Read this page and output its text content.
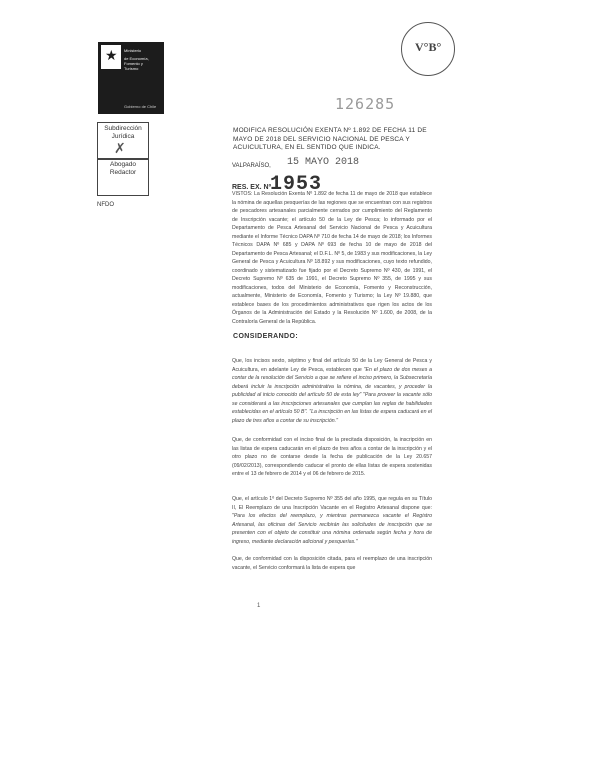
★ Ministerio
de Economía,
Fomento y
Turismo
Gobierno de Chile
V°B°
126285
Subdirección
Jurídica
✗
Abogado
Redactor
NFDO
MODIFICA RESOLUCIÓN EXENTA Nº 1.892 DE FECHA 11 DE MAYO DE 2018 DEL SERVICIO NACIONAL DE PESCA Y ACUICULTURA, EN EL SENTIDO QUE INDICA.
VALPARAÍSO, 15 MAYO 2018
RES. EX. Nº
1953
VISTOS: La Resolución Exenta Nº 1.892 de fecha 11 de mayo de 2018 que establece la nómina de aquellas pesquerías de las regiones que se encuentran con sus registros de pescadores artesanales parcialmente cerrados por cumplimiento del Reglamento de Inscripción vacante; el artículo 50 de la Ley de Pesca; lo informado por el Departamento de Pesca Artesanal del Servicio Nacional de Pesca y Acuicultura mediante el Informe Técnico DAPA Nº 710 de fecha 14 de mayo de 2018; los Informes Técnicos DAPA Nº 685 y DAPA Nº 693 de fecha 10 de mayo de 2018 del Departamento de Pesca Artesanal; el D.F.L. Nº 5, de 1983 y sus modificaciones, la Ley General de Pesca y Acuicultura Nº 18.892 y sus modificaciones, cuyo texto refundido, coordinado y sistematizado fue fijado por el Decreto Supremo Nº 430, de 1991, el Decreto Supremo Nº 635 de 1991, el Decreto Supremo Nº 355, de 1995 y sus modificaciones, todos del Ministerio de Economía, Fomento y Reconstrucción, actualmente, Ministerio de Economía, Fomento y Turismo; la Ley Nº 19.880, que establece bases de los procedimientos administrativos que rigen los actos de los Órganos de la Administración del Estado y la Resolución Nº 1.600, de 2008, de la Contraloría General de la República.
CONSIDERANDO:
Que, los incisos sexto, séptimo y final del artículo 50 de la Ley General de Pesca y Acuicultura, en adelante Ley de Pesca, establecen que "En el plazo de dos meses a contar de la resolución del Servicio a que se refiere el inciso primero, la Subsecretaría deberá incluir la inscripción administrativa la nómina, de vacantes, y proceder la publicidad al inicio conocido del artículo 50 de esta ley" "Para proveer la vacante sólo se considerará a las inscripciones artesanales que cumplan las reglas de habilidades establecidas en el artículo 50 B". "La inscripción en las listas de espera caducará en el plazo de tres años a contar de su inscripción."
Que, de conformidad con el inciso final de la precitada disposición, la inscripción en las listas de espera caducarán en el plazo de tres años a contar de la inscripción y el otro plazo no de contarse desde la fecha de publicación de la Ley 20.657 (09/02/2013), correspondiendo caducar el pronto de ellas listas de espera sostenidas entre el 13 de febrero de 2014 y el 06 de febrero de 2015.
Que, el artículo 1º del Decreto Supremo Nº 355 del año 1995, que regula en su Título II, El Reemplazo de una Inscripción Vacante en el Registro Artesanal dispone que: "Para los efectos del reemplazo, y mientras permanezca vacante el Registro Artesanal, las oficinas del Servicio recibirán las solicitudes de inscripción que se presenten con el objeto de constituir una nómina ordenada según fecha y hora de ingreso, mediante declaración adicional y pesquerías."
Que, de conformidad con la disposición citada, para el reemplazo de una inscripción vacante, el Servicio conformará la lista de espera que
1
